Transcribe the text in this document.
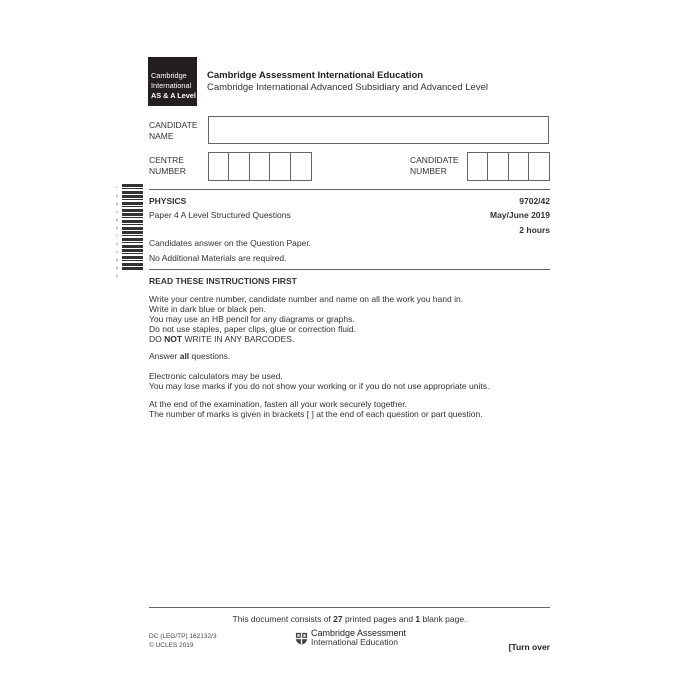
Cambridge
International
AS & A Level
Cambridge Assessment International Education
Cambridge International Advanced Subsidiary and Advanced Level
CANDIDATE
NAME
CENTRE
NUMBER
CANDIDATE
NUMBER
*
0
5
1
8
9
7
4
1
5
5
2
PHYSICS	9702/42
Paper 4 A Level Structured Questions	May/June 2019
2 hours
Candidates answer on the Question Paper.
No Additional Materials are required.
READ THESE INSTRUCTIONS FIRST
Write your centre number, candidate number and name on all the work you hand in.
Write in dark blue or black pen.
You may use an HB pencil for any diagrams or graphs.
Do not use staples, paper clips, glue or correction fluid.
DO NOT WRITE IN ANY BARCODES.
Answer all questions.
Electronic calculators may be used.
You may lose marks if you do not show your working or if you do not use appropriate units.
At the end of the examination, fasten all your work securely together.
The number of marks is given in brackets [ ] at the end of each question or part question.
This document consists of 27 printed pages and 1 blank page.
DC (LEG/TP) 162132/3
© UCLES 2019
Cambridge Assessment
International Education	[Turn over
